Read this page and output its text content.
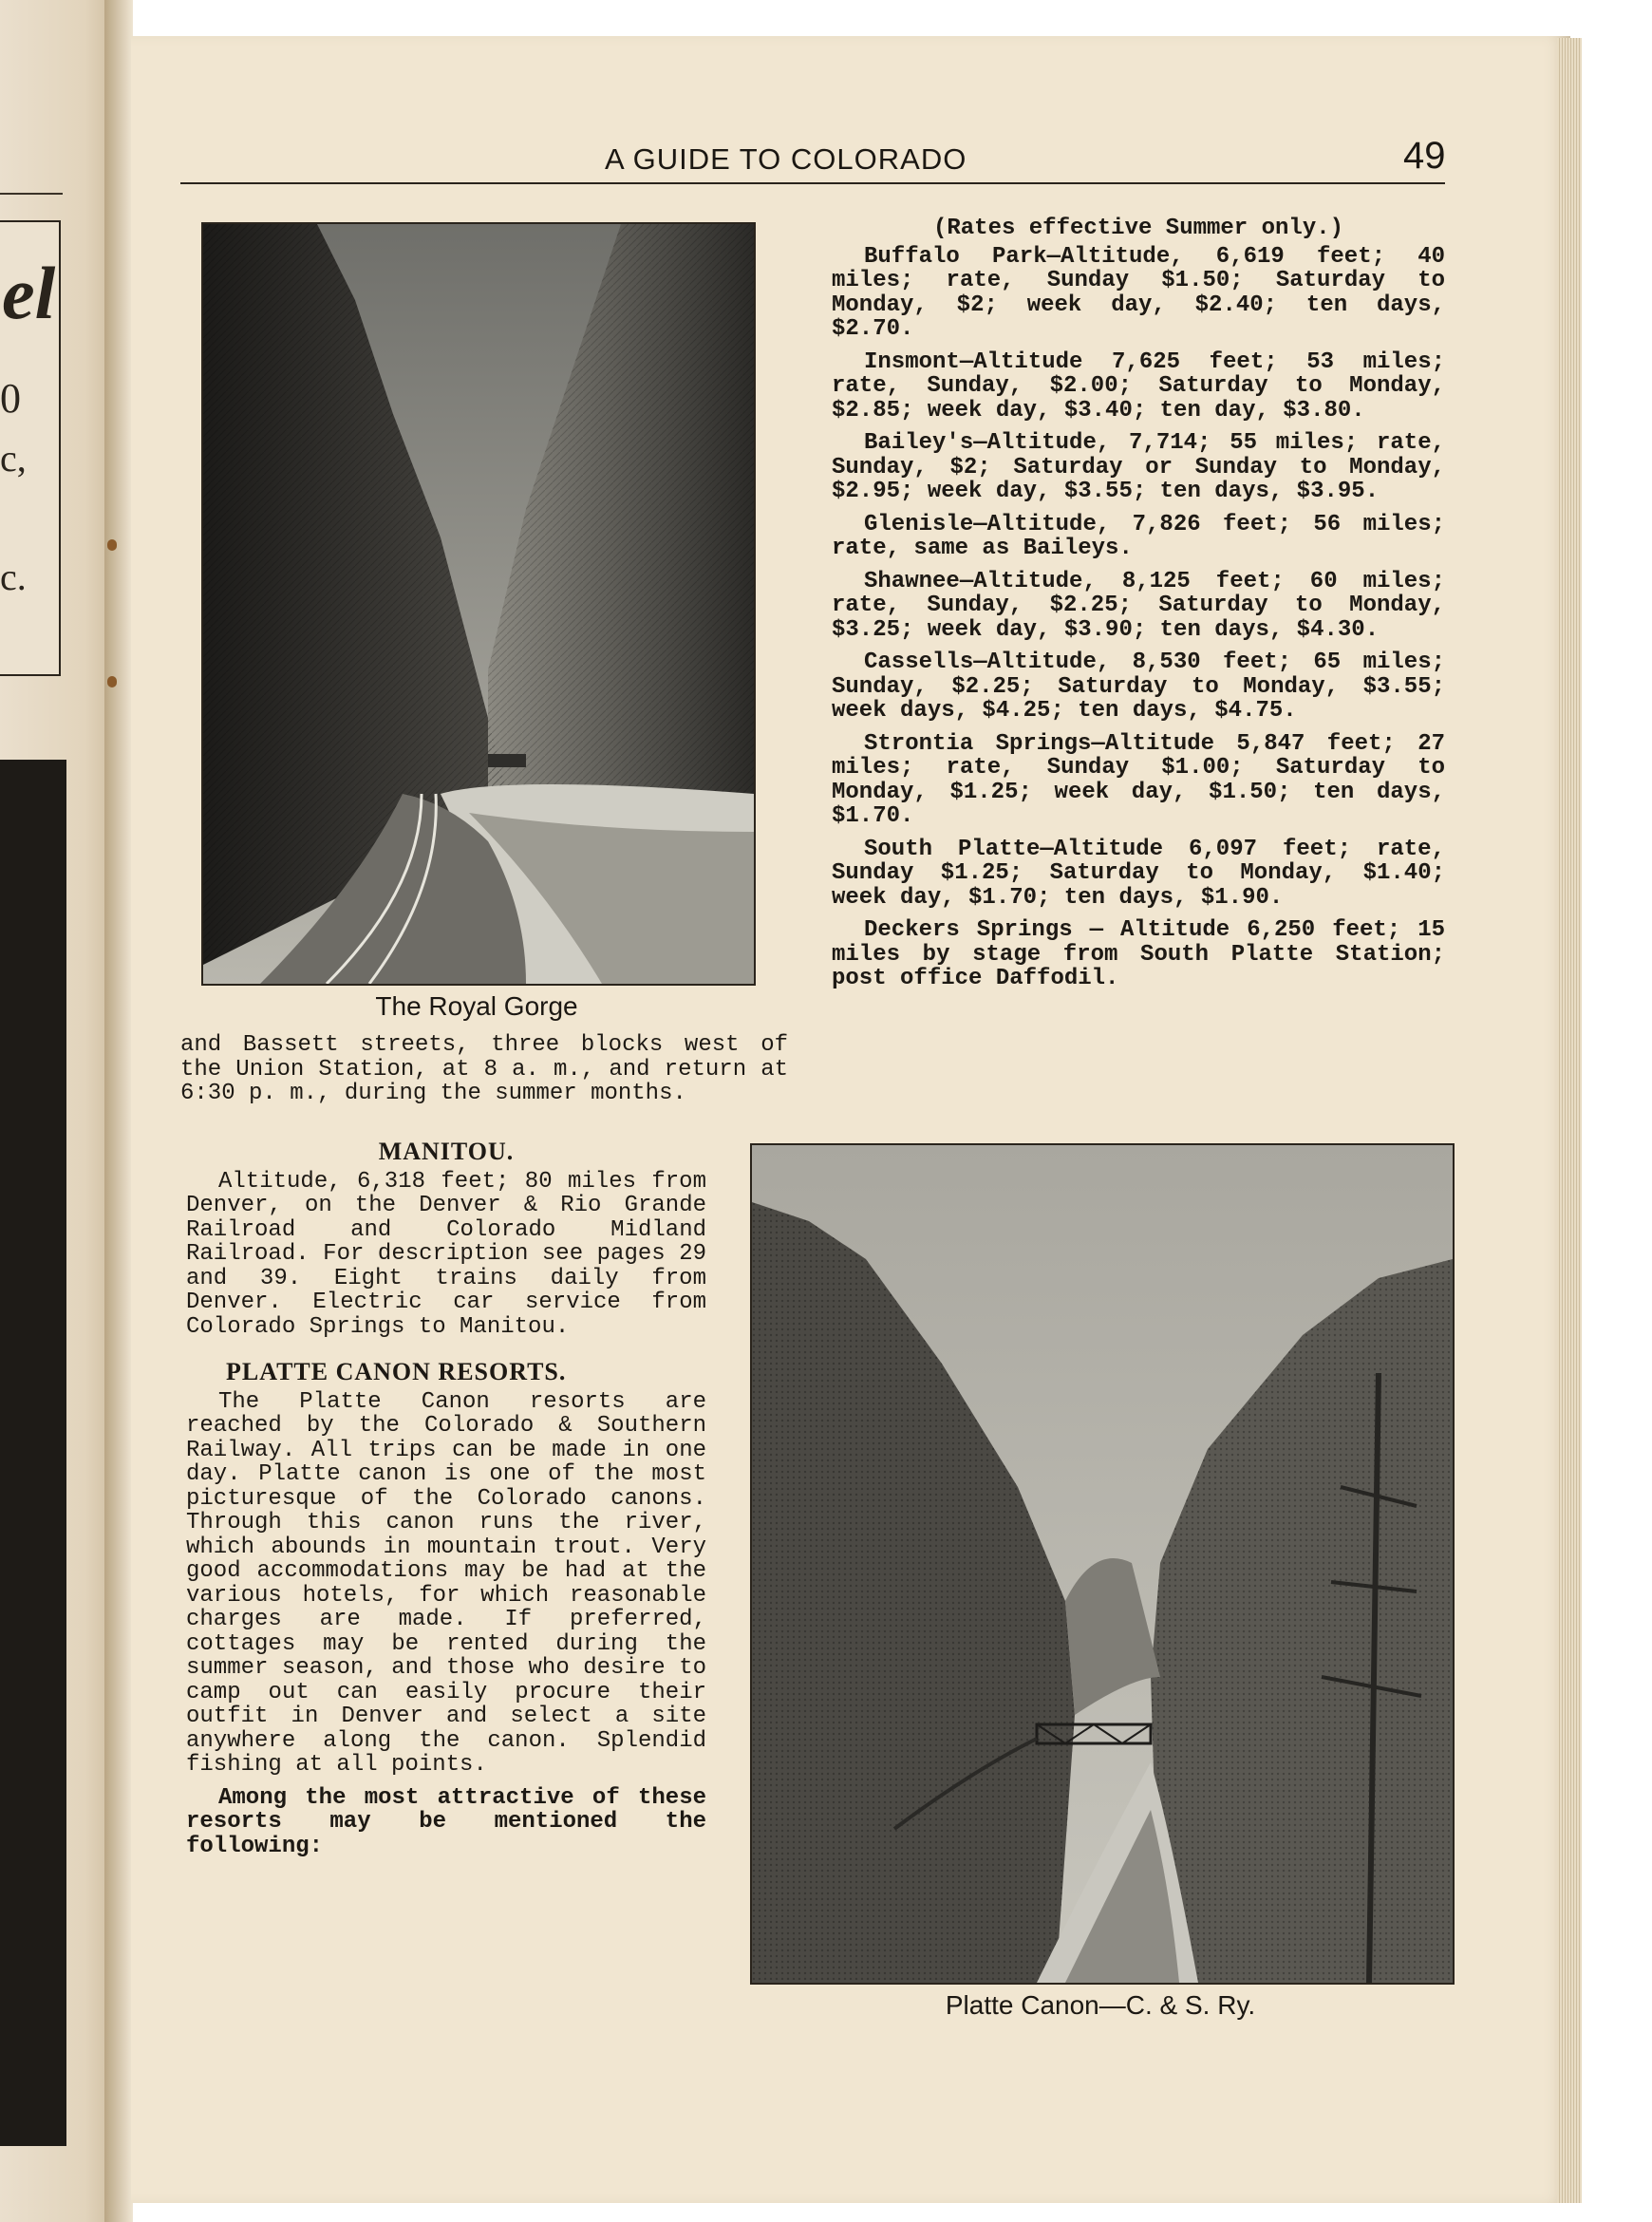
el
0
c,
c.
A GUIDE TO COLORADO	49
The Royal Gorge

and Bassett streets, three blocks west of the Union Station, at 8 a. m., and return at 6:30 p. m., during the summer months.

MANITOU.

Altitude, 6,318 feet; 80 miles from Denver, on the Denver & Rio Grande Railroad and Colorado Midland Railroad. For description see pages 29 and 39. Eight trains daily from Denver. Electric car service from Colorado Springs to Manitou.

PLATTE CANON RESORTS.

The Platte Canon resorts are reached by the Colorado & Southern Railway. All trips can be made in one day. Platte canon is one of the most picturesque of the Colorado canons. Through this canon runs the river, which abounds in mountain trout. Very good accommodations may be had at the various hotels, for which reasonable charges are made. If preferred, cottages may be rented during the summer season, and those who desire to camp out can easily procure their outfit in Denver and select a site anywhere along the canon. Splendid fishing at all points.

Among the most attractive of these resorts may be mentioned the following:

(Rates effective Summer only.)

Buffalo Park—Altitude, 6,619 feet; 40 miles; rate, Sunday $1.50; Saturday to Monday, $2; week day, $2.40; ten days, $2.70.

Insmont—Altitude 7,625 feet; 53 miles; rate, Sunday, $2.00; Saturday to Monday, $2.85; week day, $3.40; ten day, $3.80.

Bailey's—Altitude, 7,714; 55 miles; rate, Sunday, $2; Saturday or Sunday to Monday, $2.95; week day, $3.55; ten days, $3.95.

Glenisle—Altitude, 7,826 feet; 56 miles; rate, same as Baileys.

Shawnee—Altitude, 8,125 feet; 60 miles; rate, Sunday, $2.25; Saturday to Monday, $3.25; week day, $3.90; ten days, $4.30.

Cassells—Altitude, 8,530 feet; 65 miles; Sunday, $2.25; Saturday to Monday, $3.55; week days, $4.25; ten days, $4.75.

Strontia Springs—Altitude 5,847 feet; 27 miles; rate, Sunday $1.00; Saturday to Monday, $1.25; week day, $1.50; ten days, $1.70.

South Platte—Altitude 6,097 feet; rate, Sunday $1.25; Saturday to Monday, $1.40; week day, $1.70; ten days, $1.90.

Deckers Springs — Altitude 6,250 feet; 15 miles by stage from South Platte Station; post office Daffodil.

Platte Canon—C. & S. Ry.
